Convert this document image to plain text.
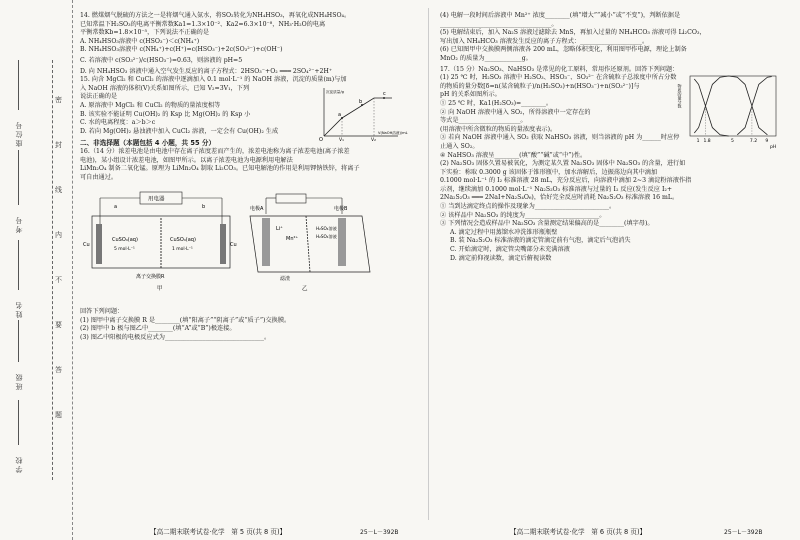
座位号
考号
姓名
班级
学校
密
封
线
内
不
要
答
题

14. 燃煤烟气脱硫的方法之一是将烟气通入氨水，将SO₂转化为NH₄HSO₃，再氧化成NH₄HSO₄。

已知常温下H₂SO₃的电离平衡常数Ka1=1.3×10⁻²、Ka2=6.3×10⁻⁸，NH₃·H₂O的电离

平衡常数Kb=1.8×10⁻⁵，下列说法不正确的是

A. NH₄HSO₃溶液中 c(HSO₃⁻)＜c(NH₄⁺)

B. NH₄HSO₃溶液中 c(NH₄⁺)+c(H⁺)=c(HSO₃⁻)+2c(SO₃²⁻)+c(OH⁻)

C. 若溶液中 c(SO₃²⁻)/c(HSO₃⁻)=0.63，则溶液的 pH=5

D. 向 NH₄HSO₃ 溶液中通入空气发生反应的离子方程式：2HSO₃⁻+O₂ ═══ 2SO₄²⁻+2H⁺

15. 向含 MgCl₂ 和 CuCl₂ 的溶液中逐滴加入 0.1 mol·L⁻¹ 的 NaOH 溶液，沉淀的质量(m)与加

入 NaOH 溶液的体积(V)关系如图所示，已知 V₂=3V₁，下列

说法正确的是

A. 原溶液中 MgCl₂ 和 CuCl₂ 的物质的量浓度相等

B. 该实验不能证明 Cu(OH)₂ 的 Ksp 比 Mg(OH)₂ 的 Ksp 小

C. 水的电离程度：a＞b＞c

D. 若向 Mg(OH)₂ 悬浊液中加入 CuCl₂ 溶液，一定会有 Cu(OH)₂ 生成

a
b
c
O	V₁	V₂
V(NaOH溶液)/mL
沉淀质量/g

二、非选择题（本题包括 4 小题，共 55 分）

16.（14 分）浓差电池是由电池中存在离子浓度差而产生的，浓差电池称为离子浓差电池(离子浓差

电池)，某小组设计浓差电池，如图甲所示。以离子浓差电池为电源利用电解法

LiMn₂O₄ 制备二氧化锰。原理为 LiMn₂O₄ 制取 Li₂CO₃。已知电解池的作用是利用钾钠铁锌，将离子

可自由通过。

用电器
a	b
Cu	Cu
CuSO₄(aq)
5 mol·L⁻¹
CuSO₄(aq)
1 mol·L⁻¹
离子交换膜R
甲
电极A	电极B
Li⁺
Mn²⁺
H₂SO₄溶液
H₂SO₄溶液
滤渣
乙

回答下列问题：

(1) 图甲中离子交换膜 R 是________(填“阳离子”“阴离子”或“质子”)交换膜。

(2) 图甲中 b 极与图乙中________(填“A”或“B”)极连接。

(3) 图乙中阳极的电极反应式为________________________________。

【高二期末联考试卷·化学　第 5 页(共 8 页)】	25－L－392B

(4) 电解一段时间后溶液中 Mn²⁺ 浓度________(填“增大”“减小”或“不变”)，判断依据是

____________________________________。

(5) 电解结束后，加入 Na₂S 溶液过滤除去 MnS，再加入过量的 NH₄HCO₃ 溶液可得 Li₂CO₃，

写出加入 NH₄HCO₃ 溶液发生反应的离子方程式：____________________。

(6) 已知图甲中交换膜两侧溶液各 200 mL，忽略体积变化，利用图甲作电源，理论上制备

MnO₂ 的质量为____________g。

17.（15 分）Na₂SO₃、NaHSO₃ 是常见的化工原料，常用作还原剂。回答下列问题：

(1) 25 ℃ 时，H₂SO₃ 溶液中 H₂SO₃、HSO₃⁻、SO₃²⁻ 在含硫粒子总浓度中所占分数

的物质的量分数[δ=n(某含硫粒子)/n(H₂SO₃)+n(HSO₃⁻)+n(SO₃²⁻)]与

pH 的关系如图所示。

① 25 ℃ 时，Ka1(H₂SO₃)=________。

② 向 NaOH 溶液中通入 SO₂，所得溶液中一定存在的

等式是____________________。

(用溶液中所含微粒的物质的量浓度表示)。

③ 若向 NaOH 溶液中通入 SO₂ 获取 NaHSO₃ 溶液，则当溶液的 pH 为______时应停

止通入 SO₂。

④ NaHSO₃ 溶液呈________(填“酸”“碱”或“中”)性。

(2) Na₂SO₃ 固体久置易被氧化，为测定某久置 Na₂SO₃ 固体中 Na₂SO₃ 的含量，进行如

下实验：称取 0.3000 g 该固体于锥形瓶中，加水溶解后，边振荡边向其中滴加

0.1000 mol·L⁻¹ 的 I₂ 标准溶液 28 mL，充分反应后，向溶液中滴加 2~3 滴淀粉溶液作指

示剂，继续滴加 0.1000 mol·L⁻¹ Na₂S₂O₃ 标准溶液与过量的 I₂ 反应(发生反应 I₂+

2Na₂S₂O₃ ═══ 2NaI+Na₂S₄O₆)，恰好完全反应时消耗 Na₂S₂O₃ 标准溶液 16 mL。

① 当到达滴定终点的操作及现象为________________________。

② 该样品中 Na₂SO₃ 的纯度为________________________。

③ 下列情况会造成样品中 Na₂SO₃ 含量测定结果偏高的是________(填字母)。

A. 滴定过程中用蒸馏水冲洗锥形瓶瓶壁

B. 装 Na₂S₂O₃ 标准溶液的滴定管滴定前有气泡，滴定后气泡消失

C. 开始滴定时，滴定管尖嘴部分未充满溶液

D. 滴定前仰视读数，滴定后俯视读数

1 1.8	5	7.2 9
pH
物质的量分数
【高二期末联考试卷·化学　第 6 页(共 8 页)】	25－L－392B
